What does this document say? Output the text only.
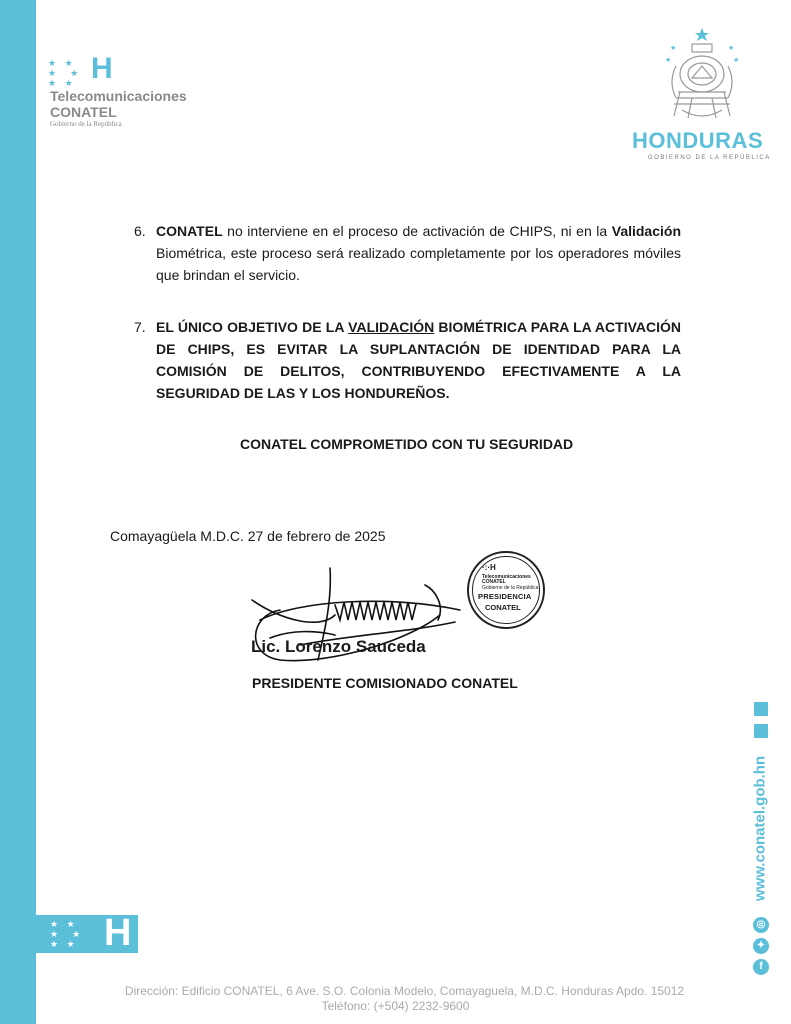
★ ★
★  ★
★ ★ H
Telecomunicaciones
CONATEL
Gobierno de la República
★	★
★	★
HONDURAS
GOBIERNO DE LA REPÚBLICA
6. CONATEL no interviene en el proceso de activación de CHIPS, ni en la Validación Biométrica, este proceso será realizado completamente por los operadores móviles que brindan el servicio.
7. EL ÚNICO OBJETIVO DE LA VALIDACIÓN BIOMÉTRICA PARA LA ACTIVACIÓN DE CHIPS, ES EVITAR LA SUPLANTACIÓN DE IDENTIDAD PARA LA COMISIÓN DE DELITOS, CONTRIBUYENDO EFECTIVAMENTE A LA SEGURIDAD DE LAS Y LOS HONDUREÑOS.
CONATEL COMPROMETIDO CON TU SEGURIDAD
Comayagüela M.D.C. 27 de febrero de 2025
·:·H
Telecomunicaciones
CONATEL
Gobierno de la República
PRESIDENCIA
CONATEL
Lic. Lorenzo Sauceda
PRESIDENTE COMISIONADO CONATEL
www.conatel.gob.hn
◎
✦
f
★ ★
★  ★
★ ★ H
Dirección: Edificio CONATEL, 6 Ave. S.O. Colonia Modelo, Comayaguela, M.D.C. Honduras Apdo. 15012
Teléfono: (+504) 2232-9600
